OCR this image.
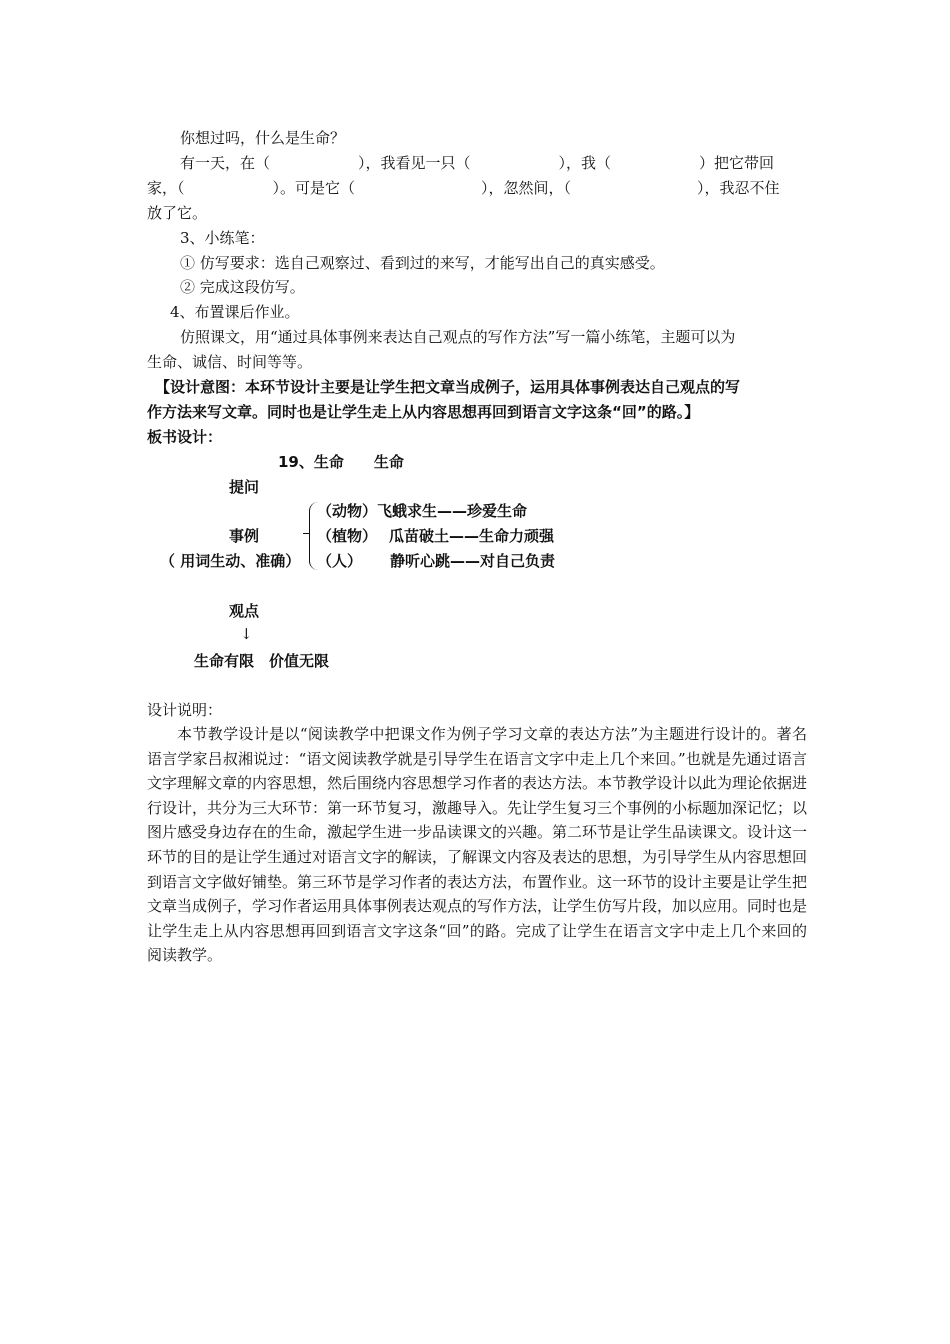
你想过吗，什么是生命？
有一天，在（	），我看见一只（	），我（	）把它带回
家，（	）。可是它（	），忽然间，（	），我忍不住
放了它。
3、小练笔：
① 仿写要求：选自己观察过、看到过的来写，才能写出自己的真实感受。
② 完成这段仿写。
4、布置课后作业。
仿照课文，用“通过具体事例来表达自己观点的写作方法”写一篇小练笔，主题可以为
生命、诚信、时间等等。
【设计意图：本环节设计主要是让学生把文章当成例子，运用具体事例表达自己观点的写
作方法来写文章。同时也是让学生走上从内容思想再回到语言文字这条“回”的路。】
板书设计：
19、生命　　生命
提问
（动物）飞蛾求生——珍爱生命
事例	（植物） 瓜苗破土——生命力顽强
（ 用词生动、准确） （人） 静听心跳——对自己负责
观点
↓
生命有限　价值无限
设计说明：
本节教学设计是以“阅读教学中把课文作为例子学习文章的表达方法”为主题进行设计的。著名语言学家吕叔湘说过：“语文阅读教学就是引导学生在语言文字中走上几个来回。”也就是先通过语言文字理解文章的内容思想，然后围绕内容思想学习作者的表达方法。本节教学设计以此为理论依据进行设计，共分为三大环节：第一环节复习，激趣导入。先让学生复习三个事例的小标题加深记忆；以图片感受身边存在的生命，激起学生进一步品读课文的兴趣。第二环节是让学生品读课文。设计这一环节的目的是让学生通过对语言文字的解读，了解课文内容及表达的思想，为引导学生从内容思想回到语言文字做好铺垫。第三环节是学习作者的表达方法，布置作业。这一环节的设计主要是让学生把文章当成例子，学习作者运用具体事例表达观点的写作方法，让学生仿写片段，加以应用。同时也是让学生走上从内容思想再回到语言文字这条“回”的路。完成了让学生在语言文字中走上几个来回的阅读教学。
